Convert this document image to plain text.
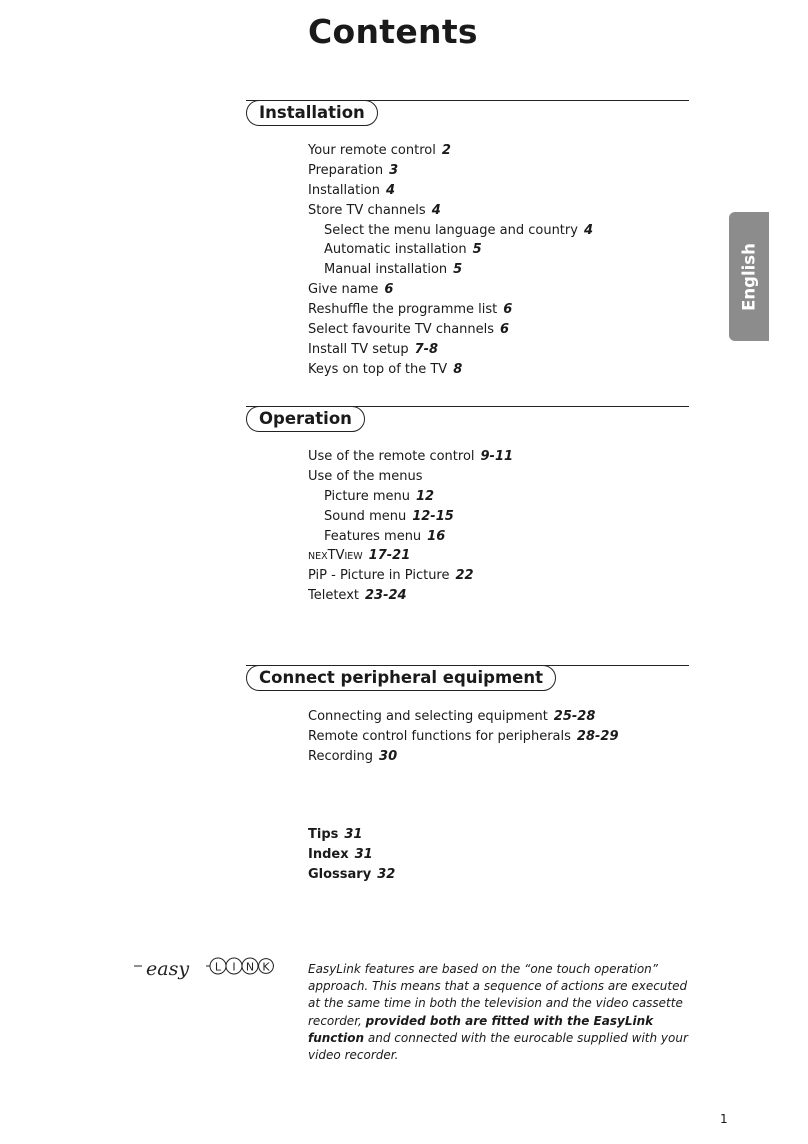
Contents
English
Installation
Your remote control 2
Preparation 3
Installation 4
Store TV channels 4
Select the menu language and country 4
Automatic installation 5
Manual installation 5
Give name 6
Reshuffle the programme list 6
Select favourite TV channels 6
Install TV setup 7-8
Keys on top of the TV 8
Operation
Use of the remote control 9-11
Use of the menus
Picture menu 12
Sound menu 12-15
Features menu 16
NEXTVIEW 17-21
PiP - Picture in Picture 22
Teletext 23-24
Connect peripheral equipment
Connecting and selecting equipment 25-28
Remote control functions for peripherals 28-29
Recording 30
Tips 31
Index 31
Glossary 32
easy L I N K	EasyLink features are based on the “one touch operation” approach. This means that a sequence of actions are executed at the same time in both the television and the video cassette recorder, provided both are fitted with the EasyLink function and connected with the eurocable supplied with your video recorder.

1
